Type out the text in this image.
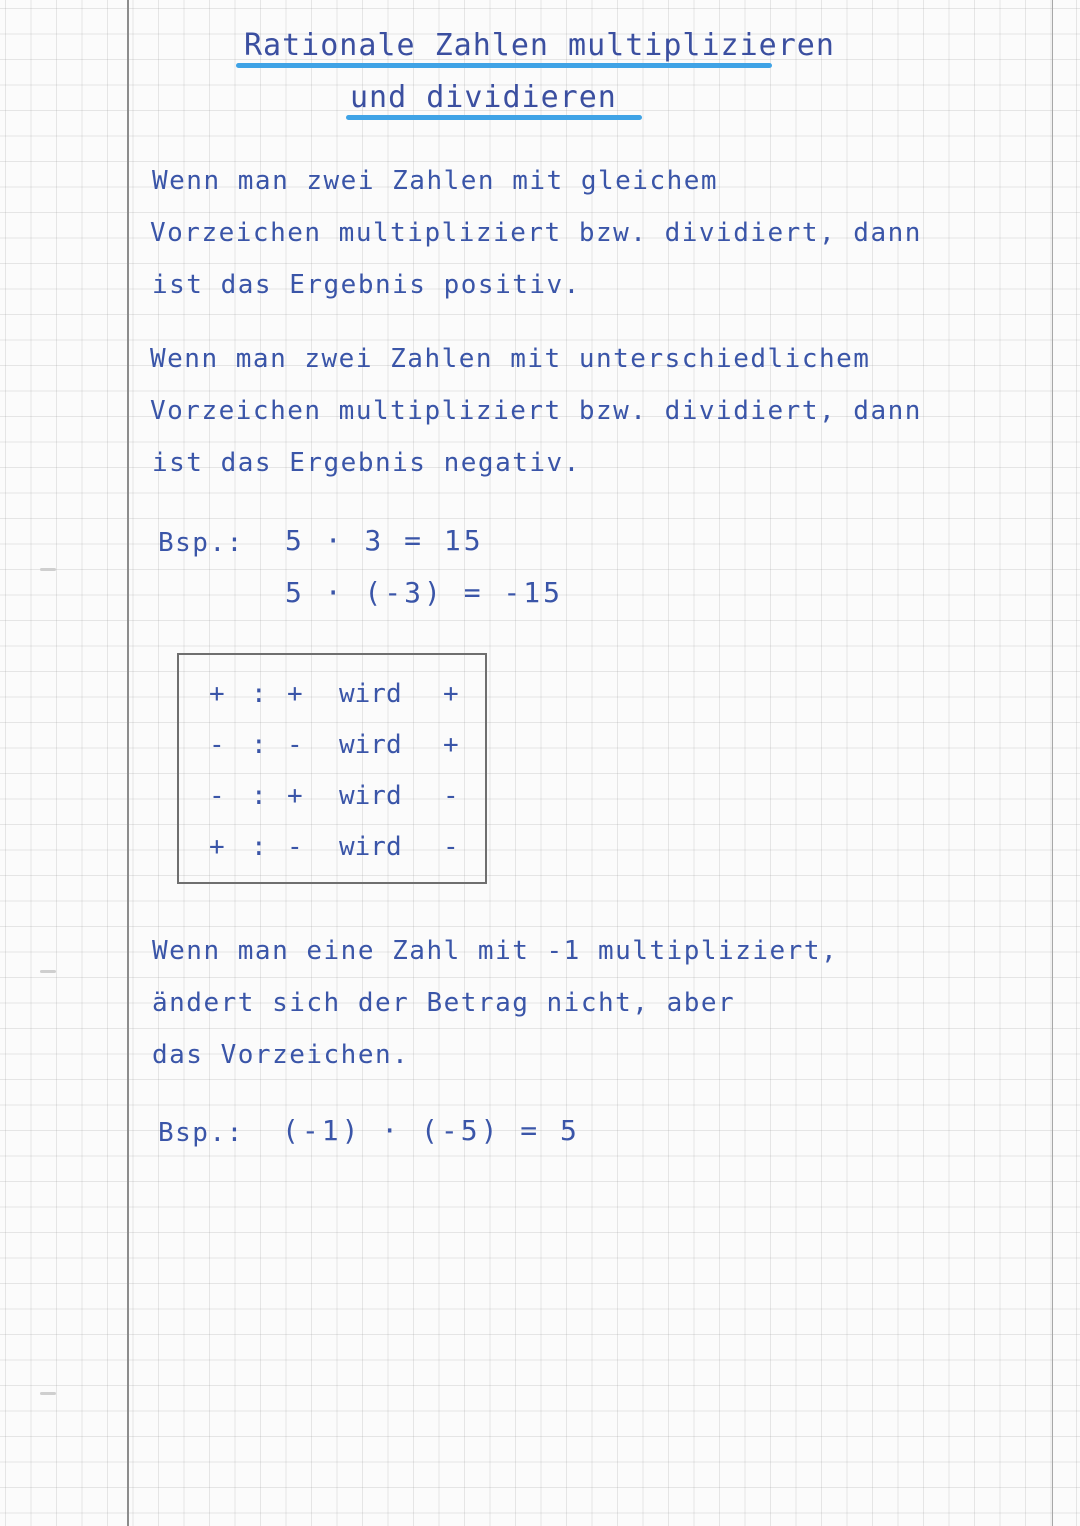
Rationale Zahlen multiplizieren
und dividieren
Wenn man zwei Zahlen mit gleichem
Vorzeichen multipliziert bzw. dividiert, dann
ist das Ergebnis positiv.
Wenn man zwei Zahlen mit unterschiedlichem
Vorzeichen multipliziert bzw. dividiert, dann
ist das Ergebnis negativ.
Bsp.: 5 · 3 = 15
5 · (-3) = -15
+ : + wird +
- : - wird +
- : + wird -
+ : - wird -
Wenn man eine Zahl mit -1 multipliziert,
ändert sich der Betrag nicht, aber
das Vorzeichen.
Bsp.: (-1) · (-5) = 5
